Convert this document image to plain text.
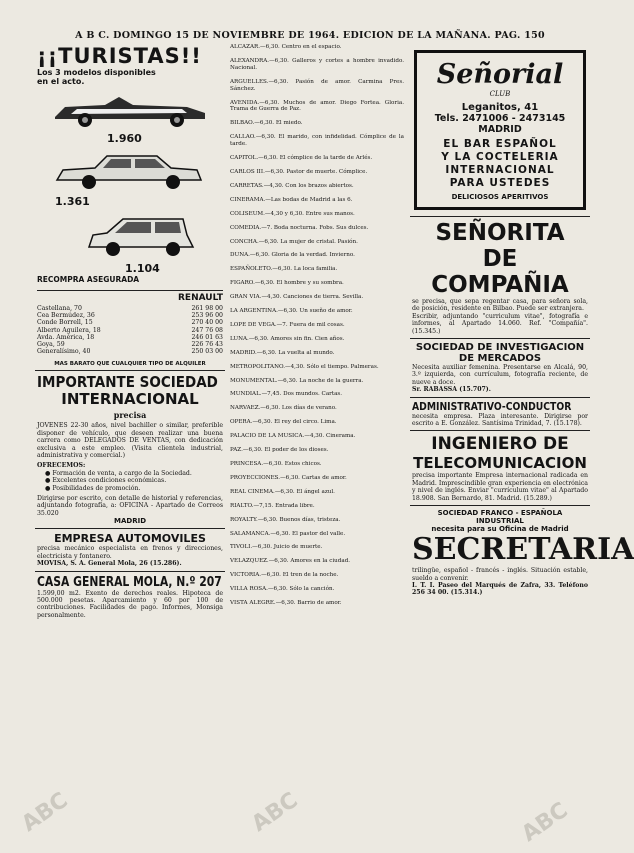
A B C. DOMINGO 15 DE NOVIEMBRE DE 1964. EDICION DE LA MAÑANA. PAG. 150
¡¡TURISTAS!!
Los 3 modelos disponibles en el acto.
1.960
1.361
1.104
RECOMPRA ASEGURADA
RENAULT
Castellana, 70	261 98 00
Cea Bermúdez, 36	253 96 00
Conde Borrell, 15	270 40 00
Alberto Aguilera, 18	247 76 08
Avda. América, 18	246 01 63
Goya, 59	226 76 43
Generalísimo, 40	250 03 00
MAS BARATO QUE CUALQUIER TIPO DE ALQUILER
IMPORTANTE SOCIEDAD
INTERNACIONAL
precisa
JOVENES 22-30 años, nivel bachiller o similar, preferible disponer de vehículo, que deseen realizar una buena carrera como DELEGADOS DE VENTAS, con dedicación exclusiva a este empleo. (Visita clientela industrial, administrativa y comercial.)
OFRECEMOS:
● Formación de venta, a cargo de la Sociedad.
● Excelentes condiciones económicas.
● Posibilidades de promoción.
Dirigirse por escrito, con detalle de historial y referencias, adjuntando fotografía, a: OFICINA - Apartado de Correos 35.020
MADRID
EMPRESA AUTOMOVILES
precisa mecánico especialista en frenos y direcciones, electricista y fontanero.
MOVISA, S. A. General Mola, 26 (15.286).
CASA GENERAL MOLA, N.º 207
1.599,00 m2. Exento de derechos reales. Hipoteca de 500.000 pesetas. Aparcamiento y 60 por 100 de contribuciones. Facilidades de pago. Informes, Monsiga personalmente.
ALCAZAR.—6,30. Centro en el espacio.
ALEXANDRA.—6,30. Galleros y cortes a hombre invadido. Nacional.
ARGUELLES.—6,30. Pasión de amor. Carmina Pres. Sánchez.
AVENIDA.—6,30. Muchos de amor. Diego Fortea. Gloria. Trama de Guerra de Paz.
BILBAO.—6,30. El miedo.
CALLAO.—6,30. El marido, con infidelidad. Cómplice de la tarde.
CAPITOL.—6,30. El cómplice de la tarde de Arlés.
CARLOS III.—6,30. Pastor de muerte. Cómplice.
CARRETAS.—4,30. Con los brazos abiertos.
CINERAMA.—Las bodas de Madrid a las 6.
COLISEUM.—4,30 y 6,30. Entre sus manos.
COMEDIA.—7. Boda nocturna. Fobs. Sus dulces.
CONCHA.—6,30. La mujer de cristal. Pasión.
DUNA.—6,30. Gloria de la verdad. Invierno.
ESPAÑOLETO.—6,30. La loca familia.
FIGARO.—6,30. El hombre y su sombra.
GRAN VIA.—4,30. Canciones de tierra. Sevilla.
LA ARGENTINA.—6,30. Un sueño de amor.
LOPE DE VEGA.—7. Fuera de mil cosas.
LUNA.—6,30. Amores sin fin. Cien años.
MADRID.—6,30. La vuelta al mundo.
METROPOLITANO.—4,30. Sólo el tiempo. Palmeras.
MONUMENTAL.—6,30. La noche de la guerra.
MUNDIAL.—7,45. Dos mundos. Cartas.
NARVAEZ.—6,30. Los días de verano.
OPERA.—6,30. El rey del circo. Lima.
PALACIO DE LA MUSICA.—4,30. Cinerama.
PAZ.—6,30. El poder de los dioses.
PRINCESA.—6,30. Estos chicos.
PROYECCIONES.—6,30. Cartas de amor.
REAL CINEMA.—6,30. El ángel azul.
RIALTO.—7,15. Entrada libre.
ROYALTY.—6,30. Buenos días, tristeza.
SALAMANCA.—6,30. El pastor del valle.
TIVOLI.—6,30. Juicio de muerte.
VELAZQUEZ.—6,30. Amores en la ciudad.
VICTORIA.—6,30. El tren de la noche.
VILLA ROSA.—6,30. Sólo la canción.
VISTA ALEGRE.—6,30. Barrio de amor.
Señorial
CLUB
Leganitos, 41
Tels. 2471006 - 2473145
MADRID
EL BAR ESPAÑOL
Y LA COCTELERIA
INTERNACIONAL
PARA USTEDES
DELICIOSOS APERITIVOS
SEÑORITA
DE COMPAÑIA
se precisa, que sepa regentar casa, para señora sola, de posición, residente en Bilbao. Puede ser extranjera.
Escribir, adjuntando "curriculum vitae", fotografía e informes, al Apartado 14.060. Ref. "Compañía". (15.345.)
SOCIEDAD DE INVESTIGACION
DE MERCADOS
Necesita auxiliar femenina. Presentarse en Alcalá, 90, 3.º izquierda, con currículum, fotografía reciente, de nueve a doce.
Sr. RABASSA (15.707).
ADMINISTRATIVO-CONDUCTOR
necesita empresa. Plaza interesante. Dirigirse por escrito a E. González. Santísima Trinidad, 7. (15.178).
INGENIERO DE
TELECOMUNICACION
precisa importante Empresa internacional radicada en Madrid. Imprescindible gran experiencia en electrónica y nivel de inglés. Enviar "currículum vitae" al Apartado 18.908. San Bernardo, 81. Madrid. (15.289.)
SOCIEDAD FRANCO - ESPAÑOLA
INDUSTRIAL
necesita para su Oficina de Madrid
SECRETARIA
trilingüe, español - francés - inglés. Situación estable, sueldo a convenir.
I. T. I. Paseo del Marqués de Zafra, 33. Teléfono 256 34 00. (15.314.)
ABC	ABC	ABC
